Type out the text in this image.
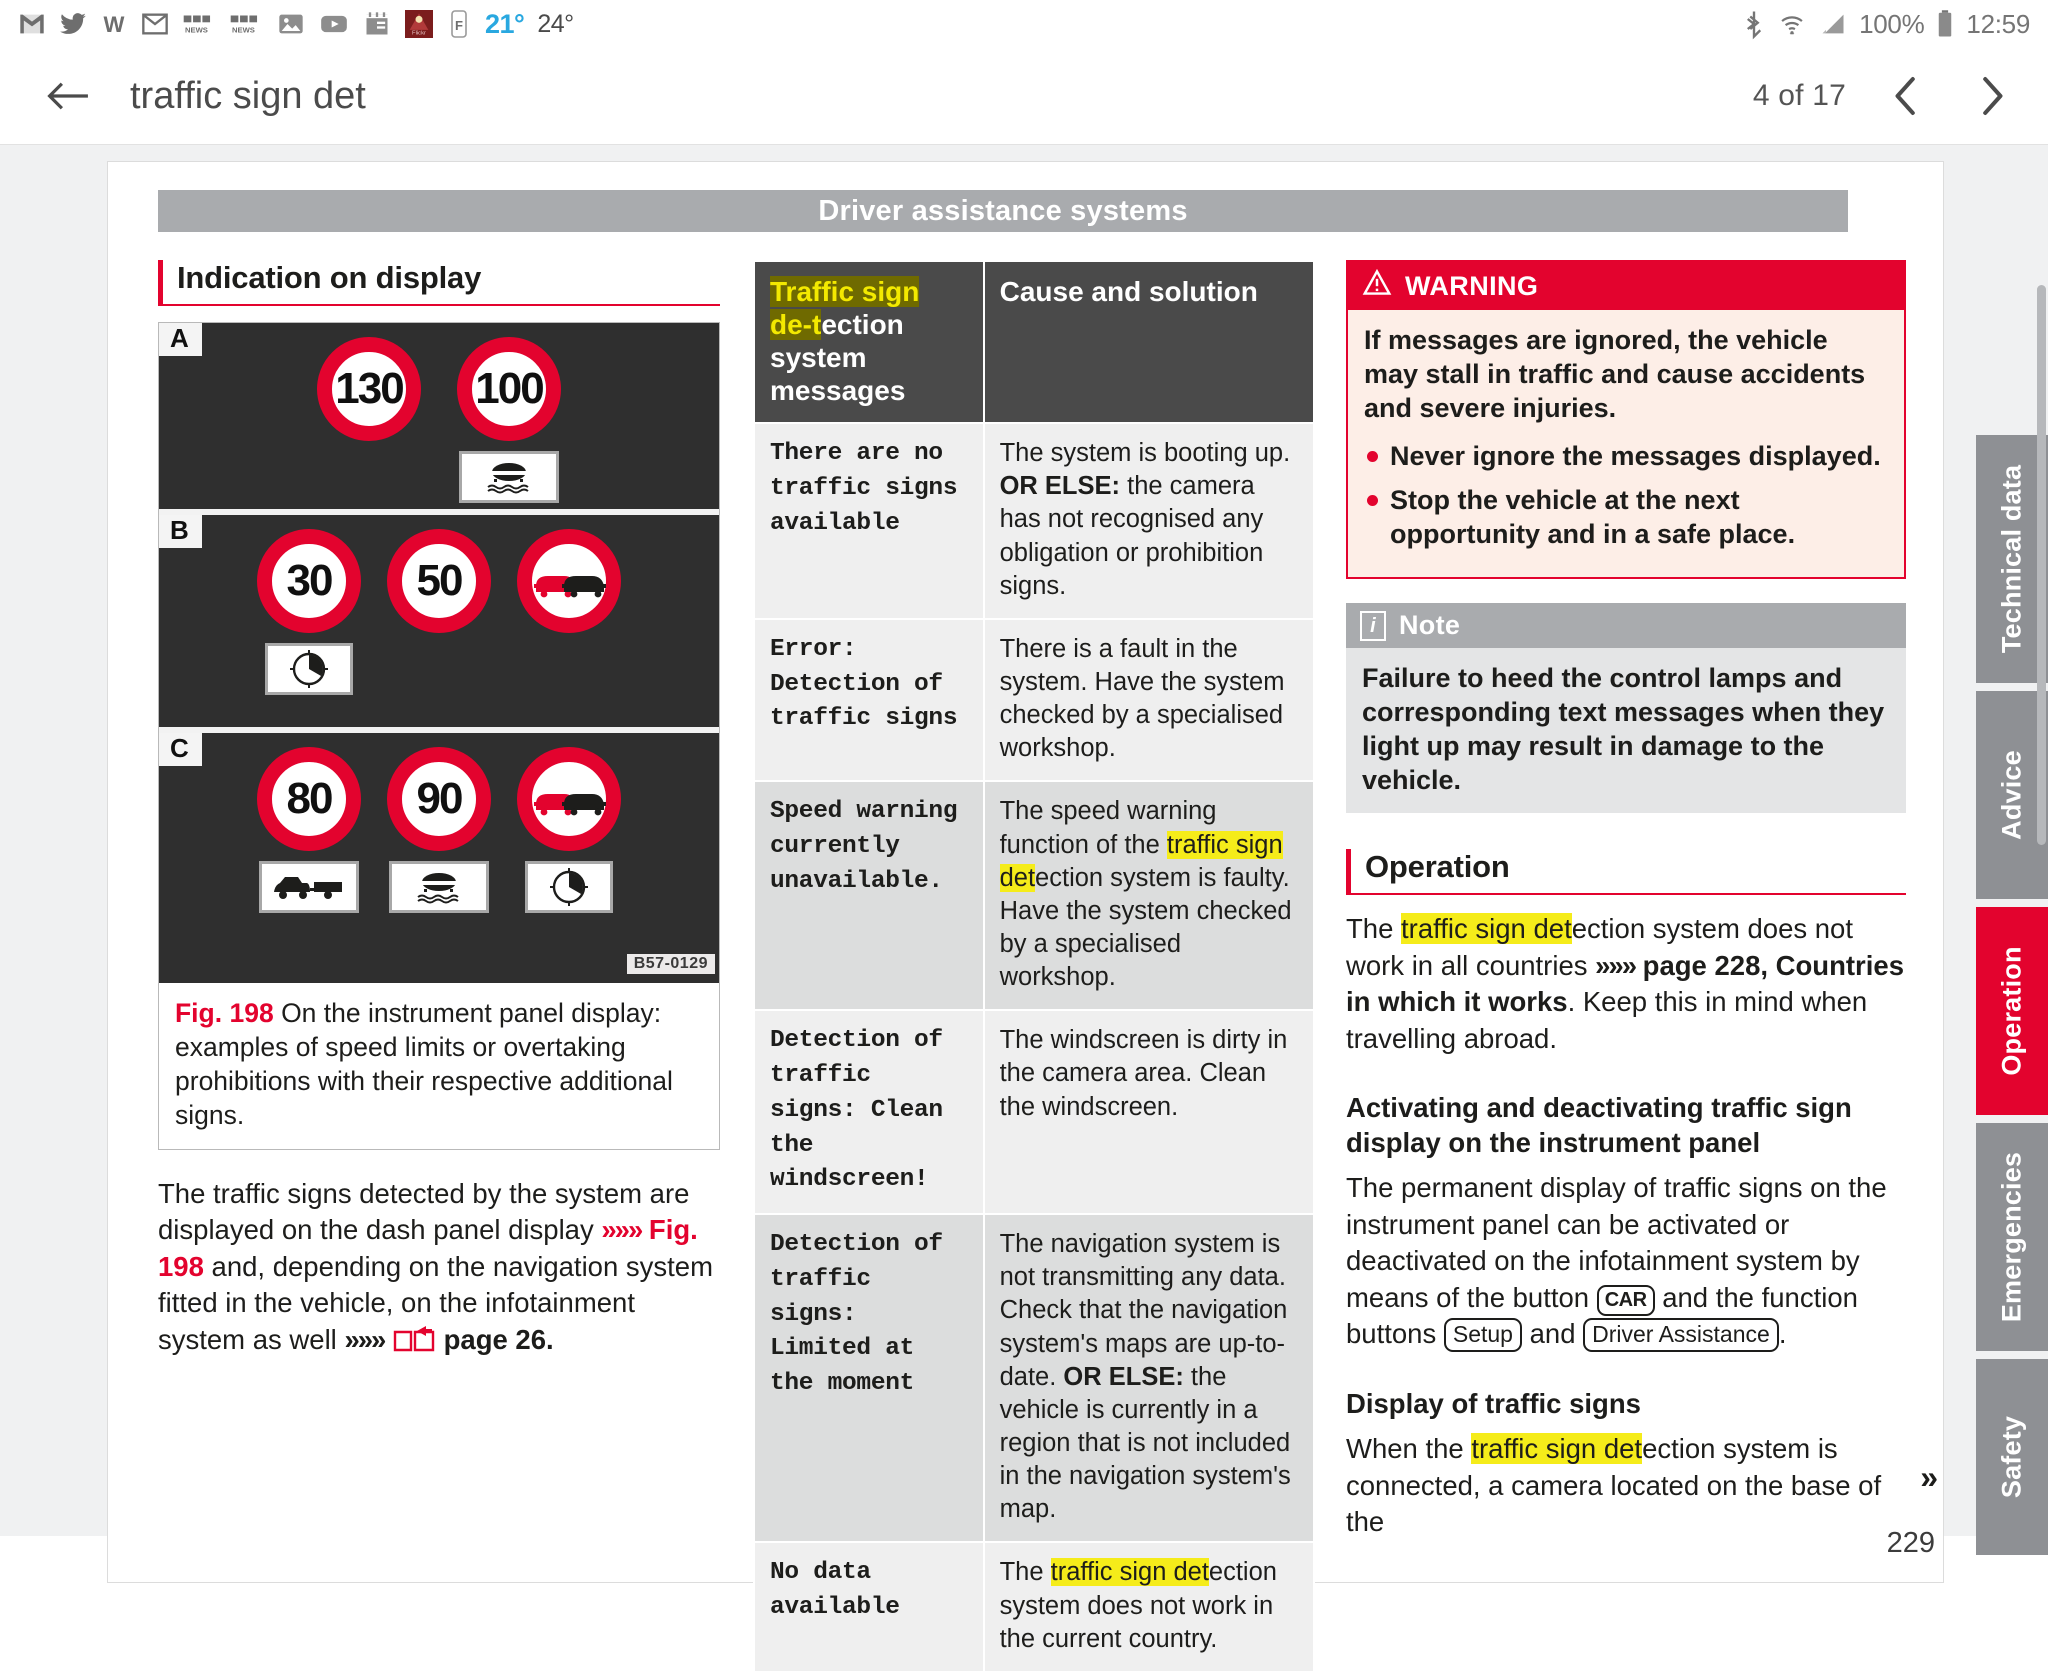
W	NEWS	NEWS	Flickr
F 21° 24°	100% 12:59
traffic sign det	4 of 17
Driver assistance systems
Indication on display
A
130	100
B
30	50
C
80	90
B57-0129
Fig. 198 On the instrument panel display: examples of speed limits or overtaking prohibitions with their respective additional signs.
The traffic signs detected by the system are displayed on the dash panel display »»» Fig. 198 and, depending on the navigation system fitted in the vehicle, on the infotainment system as well »»» page 26.
Traffic sign de-tection system messages	Cause and solution
There are no traffic signs available	The system is booting up. OR ELSE: the camera has not recognised any obligation or prohibition signs.
Error: Detection of traffic signs	There is a fault in the system. Have the system checked by a specialised workshop.
Speed warning currently unavailable.	The speed warning function of the traffic sign detection system is faulty. Have the system checked by a specialised workshop.
Detection of traffic signs: Clean the windscreen!	The windscreen is dirty in the camera area. Clean the windscreen.
Detection of traffic signs: Limited at the moment	The navigation system is not transmitting any data. Check that the navigation system's maps are up-to-date. OR ELSE: the vehicle is currently in a region that is not included in the navigation system's map.
No data available	The traffic sign detection system does not work in the current country.
WARNING

If messages are ignored, the vehicle may stall in traffic and cause accidents and severe injuries.

Never ignore the messages displayed.
Stop the vehicle at the next opportunity and in a safe place.
i Note
Failure to heed the control lamps and corresponding text messages when they light up may result in damage to the vehicle.
Operation

The traffic sign detection system does not work in all countries »»» page 228, Countries in which it works. Keep this in mind when travelling abroad.

Activating and deactivating traffic sign display on the instrument panel

The permanent display of traffic signs on the instrument panel can be activated or deactivated on the infotainment system by means of the button CAR and the function buttons Setup and Driver Assistance .

Display of traffic signs

When the traffic sign detection system is connected, a camera located on the base of the

»
229
Technical data
Advice
Operation
Emergencies
Safety
